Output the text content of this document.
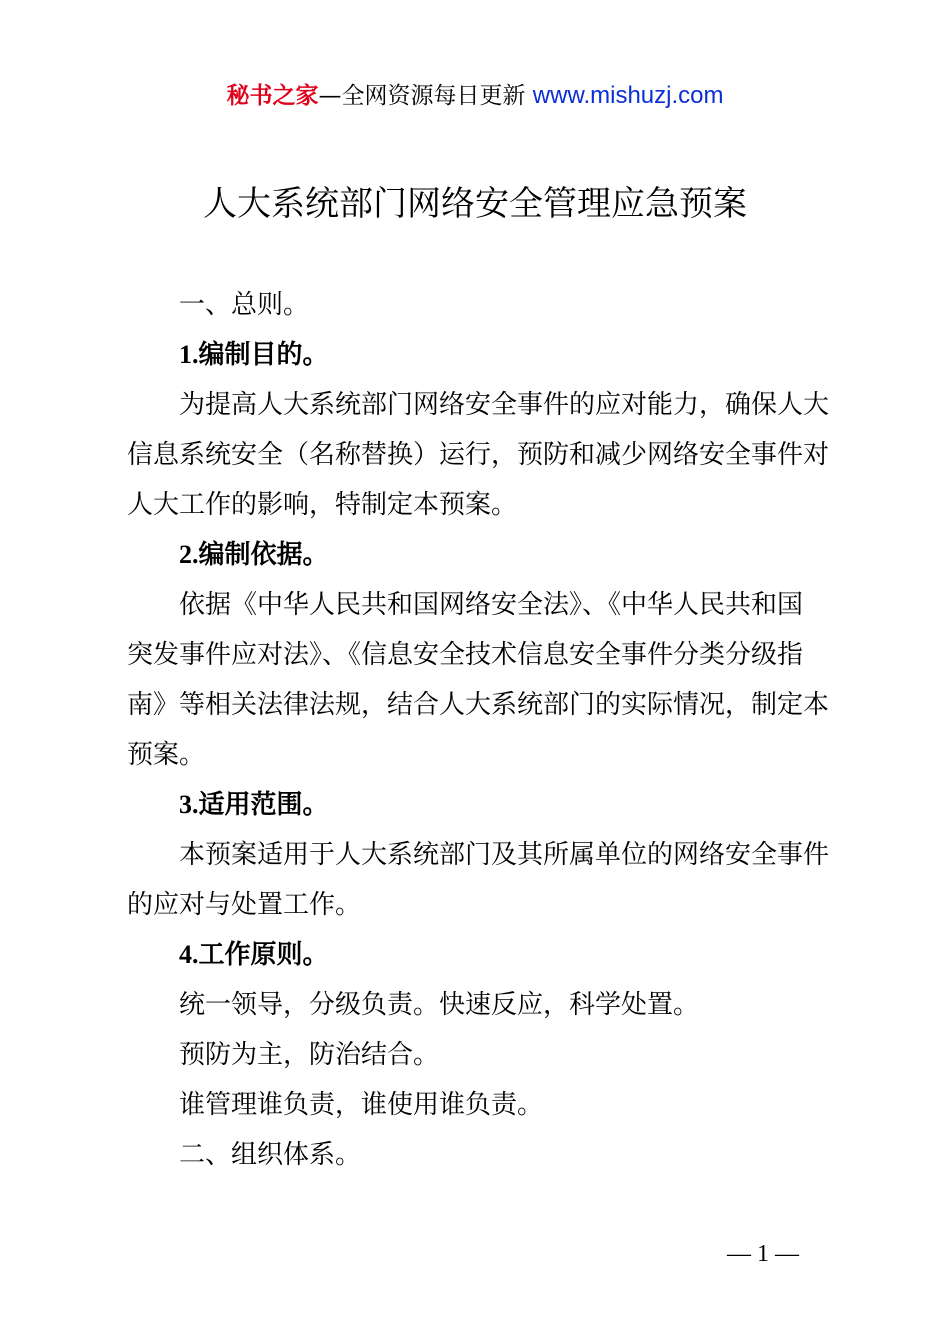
秘书之家—全网资源每日更新 www.mishuzj.com
人大系统部门网络安全管理应急预案

一、总则。

1.编制目的。

为提高人大系统部门网络安全事件的应对能力，确保人大

信息系统安全（名称替换）运行，预防和减少网络安全事件对

人大工作的影响，特制定本预案。

2.编制依据。

依据《中华人民共和国网络安全法》、《中华人民共和国

突发事件应对法》、《信息安全技术信息安全事件分类分级指

南》等相关法律法规，结合人大系统部门的实际情况，制定本

预案。

3.适用范围。

本预案适用于人大系统部门及其所属单位的网络安全事件

的应对与处置工作。

4.工作原则。

统一领导，分级负责。快速反应，科学处置。

预防为主，防治结合。

谁管理谁负责，谁使用谁负责。

二、组织体系。

— 1 —
